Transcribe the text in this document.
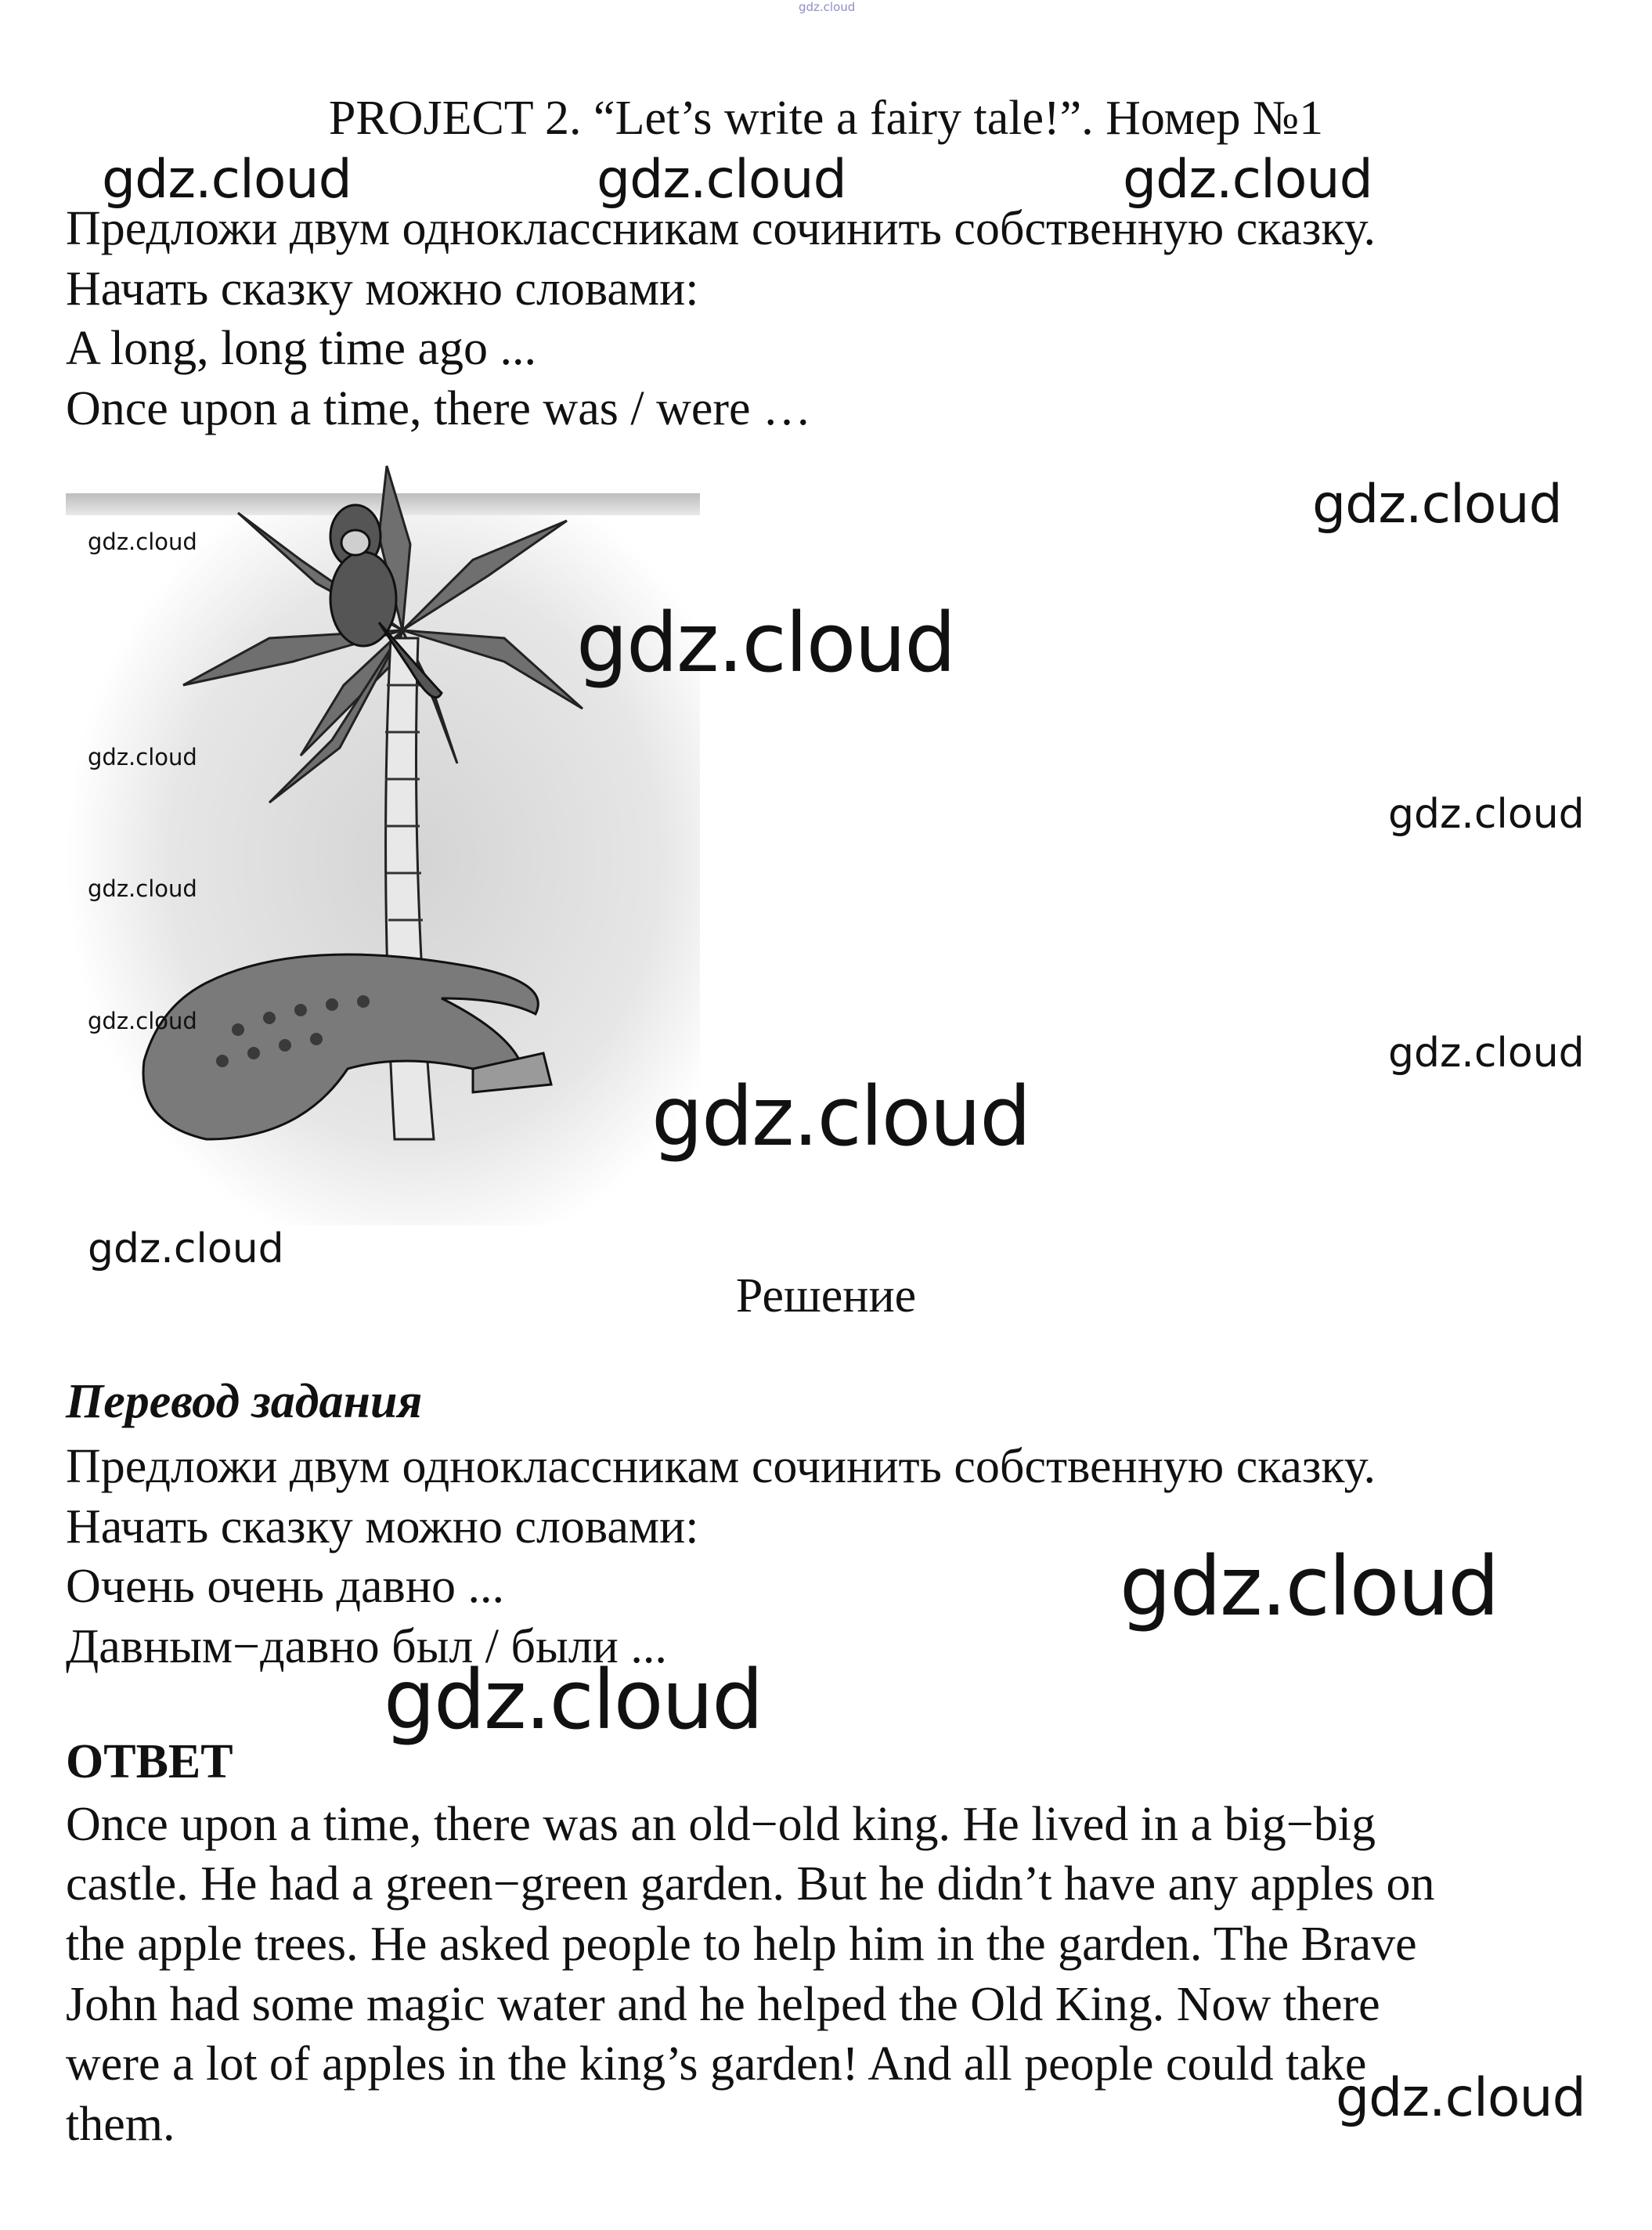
gdz.cloud
PROJECT 2. “Let’s write a fairy tale!”. Номер №1
Предложи двум одноклассникам сочинить собственную сказку.
Начать сказку можно словами:
A long, long time ago ...
Once upon a time, there was / were …
gdz.cloud
gdz.cloud
gdz.cloud
gdz.cloud
gdz.cloud
Решение
Перевод задания
Предложи двум одноклассникам сочинить собственную сказку.
Начать сказку можно словами:
Очень очень давно ...
Давным−давно был / были ...
ОТВЕТ
Once upon a time, there was an old−old king. He lived in a big−big
castle. He had a green−green garden. But he didn’t have any apples on
the apple trees. He asked people to help him in the garden. The Brave
John had some magic water and he helped the Old King. Now there
were a lot of apples in the king’s garden! And all people could take
them.
gdz.cloud	gdz.cloud	gdz.cloud
gdz.cloud
gdz.cloud
gdz.cloud
gdz.cloud
gdz.cloud
gdz.cloud
gdz.cloud
gdz.cloud
